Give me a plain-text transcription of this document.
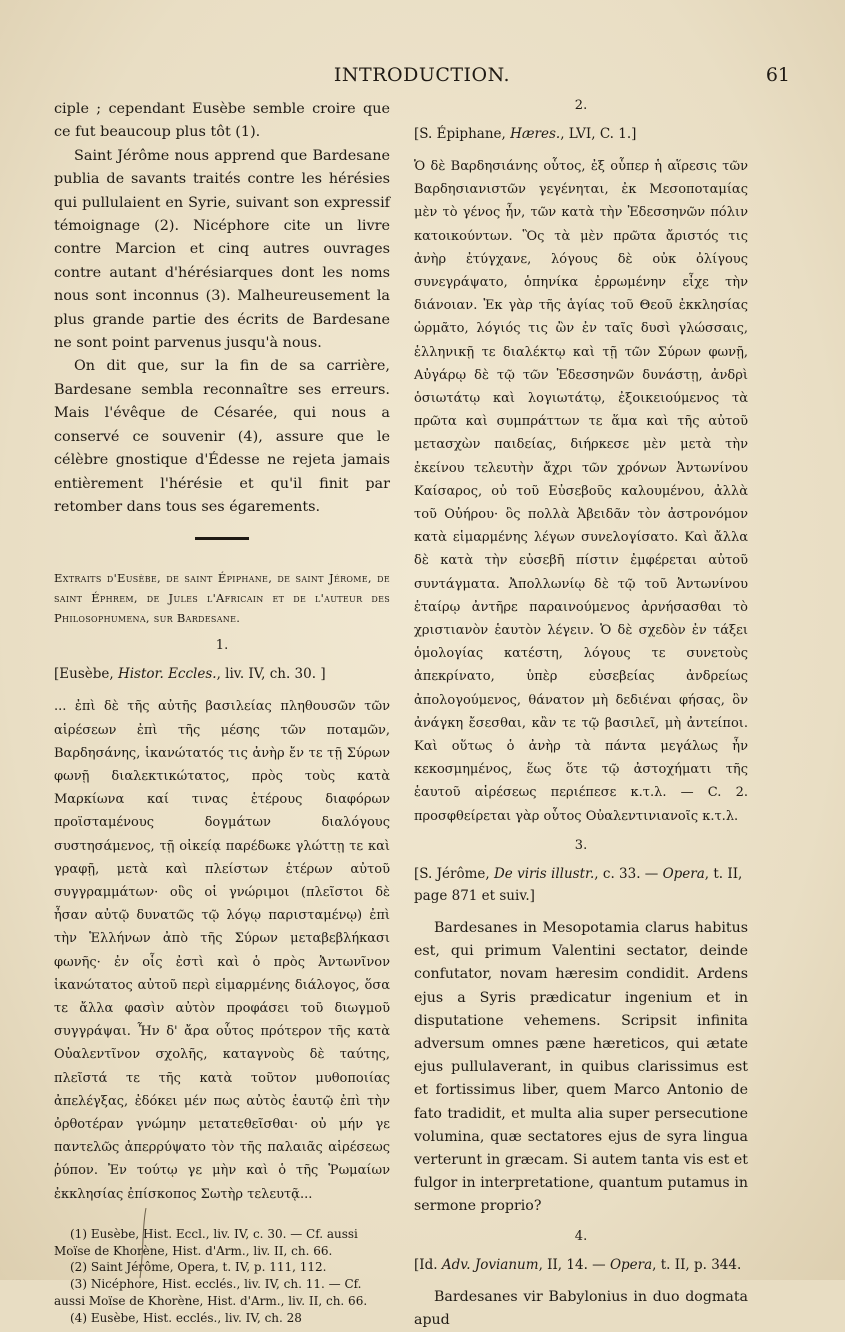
INTRODUCTION.	61

ciple ; cependant Eusèbe semble croire que ce fut beaucoup plus tôt (1).

Saint Jérôme nous apprend que Bardesane publia de savants traités contre les hérésies qui pullulaient en Syrie, suivant son expressif témoignage (2). Nicéphore cite un livre contre Marcion et cinq autres ouvrages contre autant d'hérésiarques dont les noms nous sont inconnus (3). Malheureusement la plus grande partie des écrits de Bardesane ne sont point parvenus jusqu'à nous.

On dit que, sur la fin de sa carrière, Bardesane sembla reconnaître ses erreurs. Mais l'évêque de Césarée, qui nous a conservé ce souvenir (4), assure que le célèbre gnostique d'Édesse ne rejeta jamais entièrement l'hérésie et qu'il finit par retomber dans tous ses égarements.

Extraits d'Eusèbe, de saint Épiphane, de saint Jérome, de saint Éphrem, de Jules l'Africain et de l'auteur des Philosophumena, sur Bardesane.

1.

[Eusèbe, Histor. Eccles., liv. IV, ch. 30. ]

... ἐπὶ δὲ τῆς αὐτῆς βασιλείας πληθουσῶν τῶν αἱρέσεων ἐπὶ τῆς μέσης τῶν ποταμῶν, Βαρδησάνης, ἱκανώτατός τις ἀνὴρ ἔν τε τῇ Σύρων φωνῇ διαλεκτικώτατος, πρὸς τοὺς κατὰ Μαρκίωνα καί τινας ἑτέρους διαφόρων προϊσταμένους δογμάτων διαλόγους συστησάμενος, τῇ οἰκείᾳ παρέδωκε γλώττῃ τε καὶ γραφῇ, μετὰ καὶ πλείστων ἑτέρων αὐτοῦ συγγραμμάτων· οὓς οἱ γνώριμοι (πλεῖστοι δὲ ἦσαν αὐτῷ δυνατῶς τῷ λόγῳ παρισταμένῳ) ἐπὶ τὴν Ἑλλήνων ἀπὸ τῆς Σύρων μεταβεβλήκασι φωνῆς· ἐν οἷς ἐστὶ καὶ ὁ πρὸς Ἀντωνῖνον ἱκανώτατος αὐτοῦ περὶ εἱμαρμένης διάλογος, ὅσα τε ἄλλα φασὶν αὐτὸν προφάσει τοῦ διωγμοῦ συγγράψαι. Ἦν δ' ἄρα οὗτος πρότερον τῆς κατὰ Οὐαλεντῖνον σχολῆς, καταγνοὺς δὲ ταύτης, πλεῖστά τε τῆς κατὰ τοῦτον μυθοποιίας ἀπελέγξας, ἐδόκει μέν πως αὐτὸς ἑαυτῷ ἐπὶ τὴν ὀρθοτέραν γνώμην μετατεθεῖσθαι· οὐ μήν γε παντελῶς ἀπερρύψατο τὸν τῆς παλαιᾶς αἱρέσεως ῥύπον. Ἐν τούτῳ γε μὴν καὶ ὁ τῆς Ῥωμαίων ἐκκλησίας ἐπίσκοπος Σωτὴρ τελευτᾷ...

(1) Eusèbe, Hist. Eccl., liv. IV, c. 30. — Cf. aussi Moïse de Khorène, Hist. d'Arm., liv. II, ch. 66.

(2) Saint Jérôme, Opera, t. IV, p. 111, 112.

(3) Nicéphore, Hist. ecclés., liv. IV, ch. 11. — Cf. aussi Moïse de Khorène, Hist. d'Arm., liv. II, ch. 66.

(4) Eusèbe, Hist. ecclés., liv. IV, ch. 28

2.

[S. Épiphane, Hæres., LVI, C. 1.]

Ὁ δὲ Βαρδησιάνης οὗτος, ἐξ οὗπερ ἡ αἵρεσις τῶν Βαρδησιανιστῶν γεγένηται, ἐκ Μεσοποταμίας μὲν τὸ γένος ἦν, τῶν κατὰ τὴν Ἐδεσσηνῶν πόλιν κατοικούντων. Ὃς τὰ μὲν πρῶτα ἄριστός τις ἀνὴρ ἐτύγχανε, λόγους δὲ οὐκ ὀλίγους συνεγράψατο, ὁπηνίκα ἐρρωμένην εἶχε τὴν διάνοιαν. Ἐκ γὰρ τῆς ἁγίας τοῦ Θεοῦ ἐκκλησίας ὡρμᾶτο, λόγιός τις ὢν ἐν ταῖς δυσὶ γλώσσαις, ἑλληνικῇ τε διαλέκτῳ καὶ τῇ τῶν Σύρων φωνῇ, Αὐγάρῳ δὲ τῷ τῶν Ἐδεσσηνῶν δυνάστῃ, ἀνδρὶ ὁσιωτάτῳ καὶ λογιωτάτῳ, ἐξοικειούμενος τὰ πρῶτα καὶ συμπράττων τε ἅμα καὶ τῆς αὐτοῦ μετασχὼν παιδείας, διήρκεσε μὲν μετὰ τὴν ἐκείνου τελευτὴν ἄχρι τῶν χρόνων Ἀντωνίνου Καίσαρος, οὐ τοῦ Εὐσεβοῦς καλουμένου, ἀλλὰ τοῦ Οὐήρου· ὃς πολλὰ Ἀβειδᾶν τὸν ἀστρονόμον κατὰ εἱμαρμένης λέγων συνελογίσατο. Καὶ ἄλλα δὲ κατὰ τὴν εὐσεβῆ πίστιν ἐμφέρεται αὐτοῦ συντάγματα. Ἀπολλωνίῳ δὲ τῷ τοῦ Ἀντωνίνου ἑταίρῳ ἀντῆρε παραινούμενος ἀρνήσασθαι τὸ χριστιανὸν ἑαυτὸν λέγειν. Ὁ δὲ σχεδὸν ἐν τάξει ὁμολογίας κατέστη, λόγους τε συνετοὺς ἀπεκρίνατο, ὑπὲρ εὐσεβείας ἀνδρείως ἀπολογούμενος, θάνατον μὴ δεδιέναι φήσας, ὃν ἀνάγκη ἔσεσθαι, κἂν τε τῷ βασιλεῖ, μὴ ἀντείποι. Καὶ οὕτως ὁ ἀνὴρ τὰ πάντα μεγάλως ἦν κεκοσμημένος, ἕως ὅτε τῷ ἀστοχήματι τῆς ἑαυτοῦ αἱρέσεως περιέπεσε κ.τ.λ. — C. 2. προσφθείρεται γὰρ οὗτος Οὐαλεντινιανοῖς κ.τ.λ.

3.

[S. Jérôme, De viris illustr., c. 33. — Opera, t. II, page 871 et suiv.]

Bardesanes in Mesopotamia clarus habitus est, qui primum Valentini sectator, deinde confutator, novam hæresim condidit. Ardens ejus a Syris prædicatur ingenium et in disputatione vehemens. Scripsit infinita adversum omnes pæne hæreticos, qui ætate ejus pullulaverant, in quibus clarissimus est et fortissimus liber, quem Marco Antonio de fato tradidit, et multa alia super persecutione volumina, quæ sectatores ejus de syra lingua verterunt in græcam. Si autem tanta vis est et fulgor in interpretatione, quantum putamus in sermone proprio?

4.

[Id. Adv. Jovianum, II, 14. — Opera, t. II, p. 344.

Bardesanes vir Babylonius in duo dogmata apud
